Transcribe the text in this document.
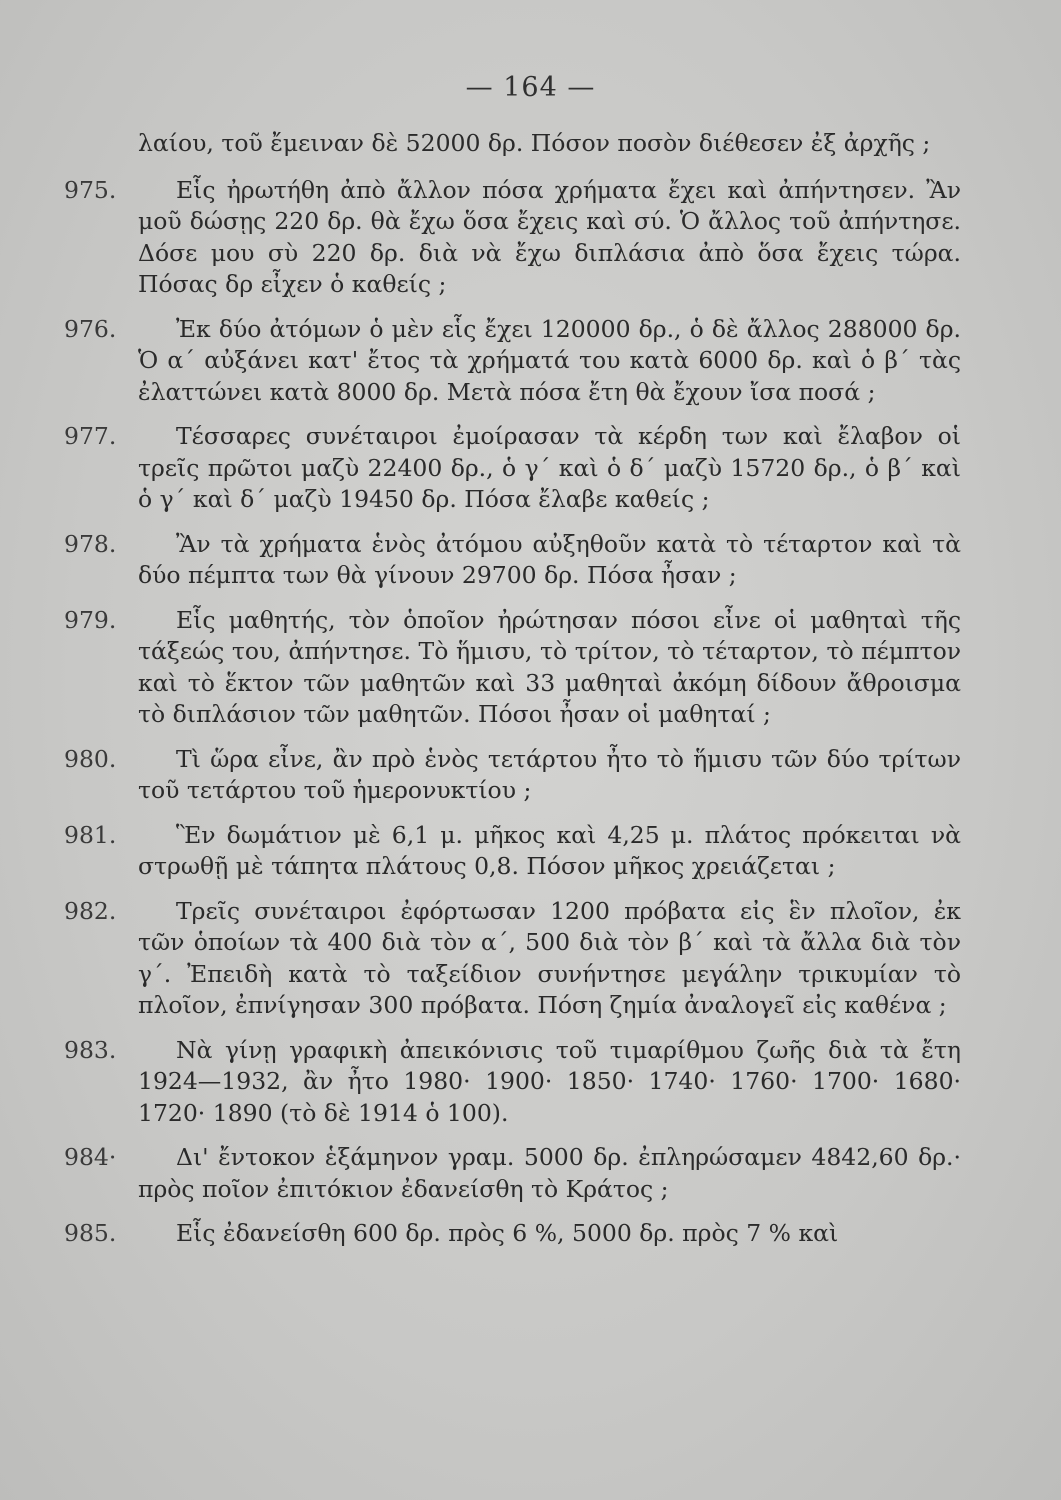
— 164 —
λαίου, τοῦ ἔμειναν δὲ 52000 δρ. Πόσον ποσὸν διέθεσεν ἐξ ἀρχῆς ;
975.	Εἷς ἠρωτήθη ἀπὸ ἄλλον πόσα χρήματα ἔχει καὶ ἀπήντησεν. Ἂν μοῦ δώσῃς 220 δρ. θὰ ἔχω ὅσα ἔχεις καὶ σύ. Ὁ ἄλλος τοῦ ἀπήντησε. Δόσε μου σὺ 220 δρ. διὰ νὰ ἔχω διπλάσια ἀπὸ ὅσα ἔχεις τώρα. Πόσας δρ εἶχεν ὁ καθείς ;
976.	Ἐκ δύο ἀτόμων ὁ μὲν εἷς ἔχει 120000 δρ., ὁ δὲ ἄλλος 288000 δρ. Ὁ α΄ αὐξάνει κατ' ἔτος τὰ χρήματά του κατὰ 6000 δρ. καὶ ὁ β΄ τὰς ἐλαττώνει κατὰ 8000 δρ. Μετὰ πόσα ἔτη θὰ ἔχουν ἴσα ποσά ;
977.	Τέσσαρες συνέταιροι ἐμοίρασαν τὰ κέρδη των καὶ ἔλαβον οἱ τρεῖς πρῶτοι μαζὺ 22400 δρ., ὁ γ΄ καὶ ὁ δ΄ μαζὺ 15720 δρ., ὁ β΄ καὶ ὁ γ΄ καὶ δ΄ μαζὺ 19450 δρ. Πόσα ἔλαβε καθείς ;
978.	Ἂν τὰ χρήματα ἑνὸς ἀτόμου αὐξηθοῦν κατὰ τὸ τέταρτον καὶ τὰ δύο πέμπτα των θὰ γίνουν 29700 δρ. Πόσα ἦσαν ;
979.	Εἷς μαθητής, τὸν ὁποῖον ἠρώτησαν πόσοι εἶνε οἱ μαθηταὶ τῆς τάξεώς του, ἀπήντησε. Τὸ ἥμισυ, τὸ τρίτον, τὸ τέταρτον, τὸ πέμπτον καὶ τὸ ἕκτον τῶν μαθητῶν καὶ 33 μαθηταὶ ἀκόμη δίδουν ἄθροισμα τὸ διπλάσιον τῶν μαθητῶν. Πόσοι ἦσαν οἱ μαθηταί ;
980.	Τὶ ὥρα εἶνε, ἂν πρὸ ἑνὸς τετάρτου ἦτο τὸ ἥμισυ τῶν δύο τρίτων τοῦ τετάρτου τοῦ ἡμερονυκτίου ;
981.	Ἓν δωμάτιον μὲ 6,1 μ. μῆκος καὶ 4,25 μ. πλάτος πρόκειται νὰ στρωθῇ μὲ τάπητα πλάτους 0,8. Πόσον μῆκος χρειάζεται ;
982.	Τρεῖς συνέταιροι ἐφόρτωσαν 1200 πρόβατα εἰς ἓν πλοῖον, ἐκ τῶν ὁποίων τὰ 400 διὰ τὸν α΄, 500 διὰ τὸν β΄ καὶ τὰ ἄλλα διὰ τὸν γ΄. Ἐπειδὴ κατὰ τὸ ταξείδιον συνήντησε μεγάλην τρικυμίαν τὸ πλοῖον, ἐπνίγησαν 300 πρόβατα. Πόση ζημία ἀναλογεῖ εἰς καθένα ;
983.	Νὰ γίνῃ γραφικὴ ἀπεικόνισις τοῦ τιμαρίθμου ζωῆς διὰ τὰ ἔτη 1924—1932, ἂν ἦτο 1980· 1900· 1850· 1740· 1760· 1700· 1680· 1720· 1890 (τὸ δὲ 1914 ὁ 100).
984·	Δι' ἔντοκον ἑξάμηνον γραμ. 5000 δρ. ἐπληρώσαμεν 4842,60 δρ.· πρὸς ποῖον ἐπιτόκιον ἐδανείσθη τὸ Κράτος ;
985.	Εἷς ἐδανείσθη 600 δρ. πρὸς 6 %, 5000 δρ. πρὸς 7 % καὶ
